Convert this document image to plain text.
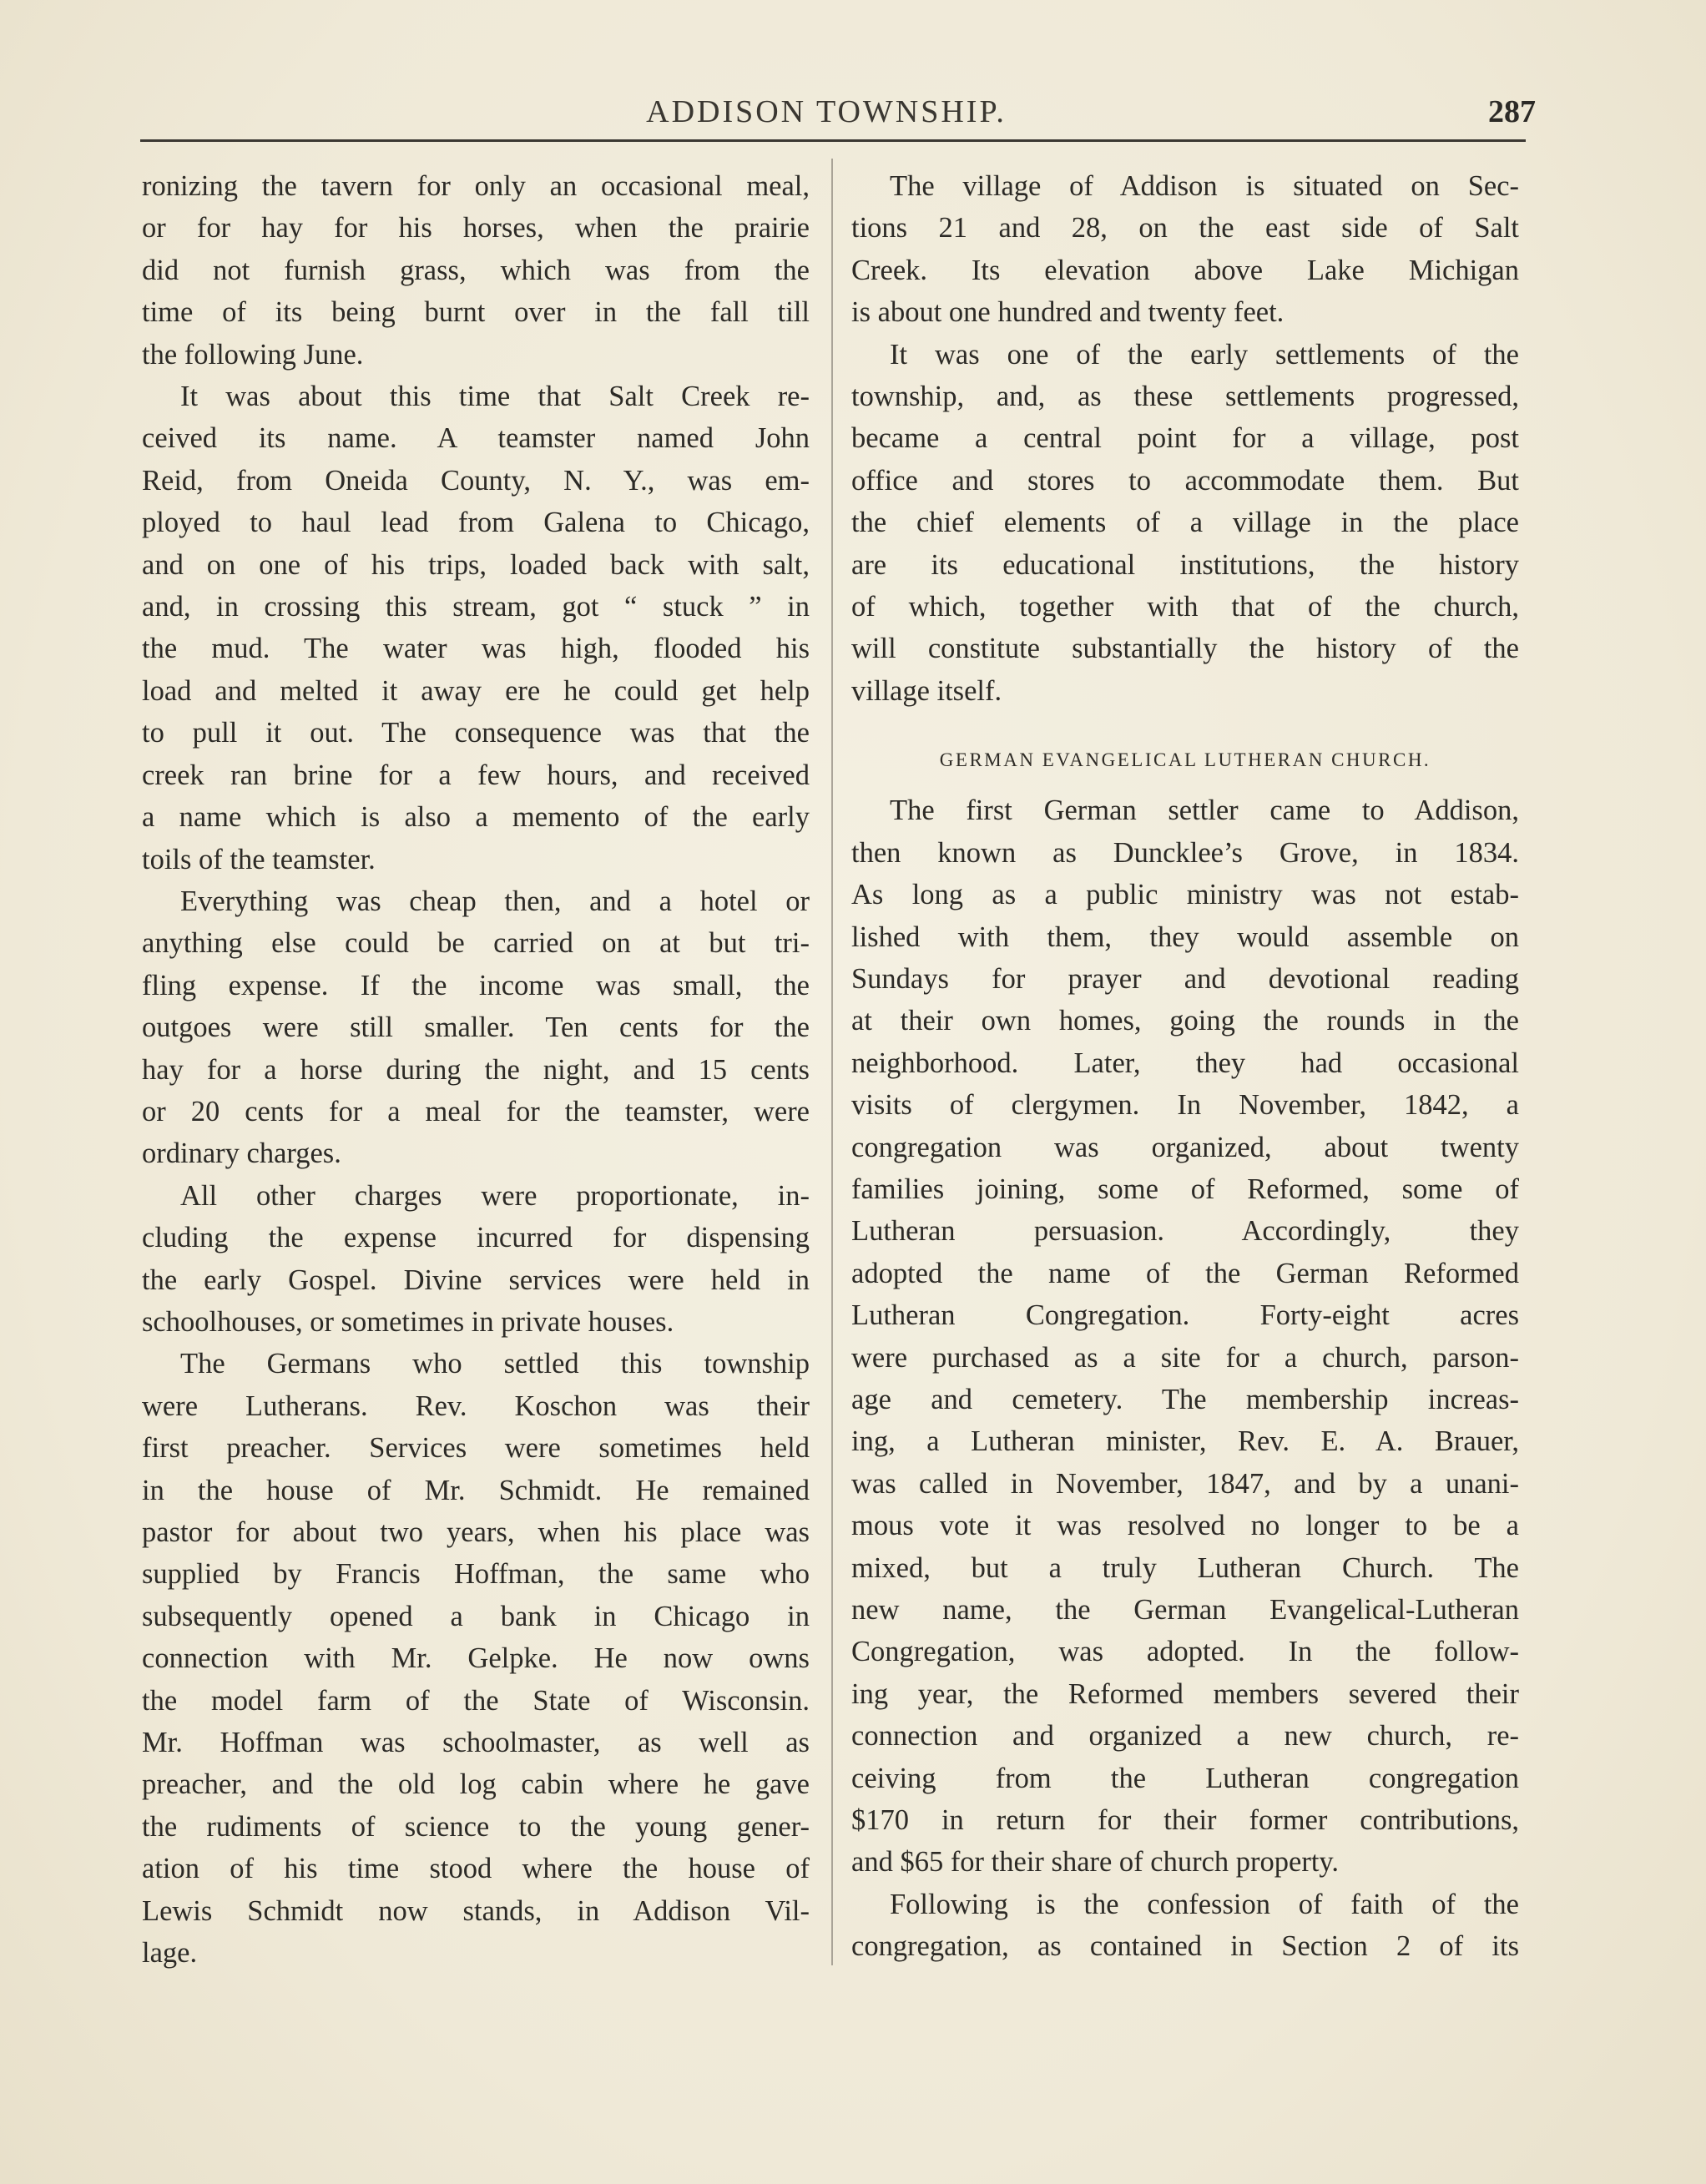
ADDISON TOWNSHIP.	287

ronizing the tavern for only an occasional meal,
or for hay for his horses, when the prairie
did not furnish grass, which was from the
time of its being burnt over in the fall till
the following June.

It was about this time that Salt Creek re-
ceived its name. A teamster named John
Reid, from Oneida County, N. Y., was em-
ployed to haul lead from Galena to Chicago,
and on one of his trips, loaded back with salt,
and, in crossing this stream, got “ stuck ” in
the mud. The water was high, flooded his
load and melted it away ere he could get help
to pull it out. The consequence was that the
creek ran brine for a few hours, and received
a name which is also a memento of the early
toils of the teamster.

Everything was cheap then, and a hotel or
anything else could be carried on at but tri-
fling expense. If the income was small, the
outgoes were still smaller. Ten cents for the
hay for a horse during the night, and 15 cents
or 20 cents for a meal for the teamster, were
ordinary charges.

All other charges were proportionate, in-
cluding the expense incurred for dispensing
the early Gospel. Divine services were held in
schoolhouses, or sometimes in private houses.

The Germans who settled this township
were Lutherans. Rev. Koschon was their
first preacher. Services were sometimes held
in the house of Mr. Schmidt. He remained
pastor for about two years, when his place was
supplied by Francis Hoffman, the same who
subsequently opened a bank in Chicago in
connection with Mr. Gelpke. He now owns
the model farm of the State of Wisconsin.
Mr. Hoffman was schoolmaster, as well as
preacher, and the old log cabin where he gave
the rudiments of science to the young gener-
ation of his time stood where the house of
Lewis Schmidt now stands, in Addison Vil-
lage.

The village of Addison is situated on Sec-
tions 21 and 28, on the east side of Salt
Creek. Its elevation above Lake Michigan
is about one hundred and twenty feet.

It was one of the early settlements of the
township, and, as these settlements progressed,
became a central point for a village, post
office and stores to accommodate them. But
the chief elements of a village in the place
are its educational institutions, the history
of which, together with that of the church,
will constitute substantially the history of the
village itself.

GERMAN EVANGELICAL LUTHERAN CHURCH.

The first German settler came to Addison,
then known as Duncklee’s Grove, in 1834.
As long as a public ministry was not estab-
lished with them, they would assemble on
Sundays for prayer and devotional reading
at their own homes, going the rounds in the
neighborhood. Later, they had occasional
visits of clergymen. In November, 1842, a
congregation was organized, about twenty
families joining, some of Reformed, some of
Lutheran persuasion. Accordingly, they
adopted the name of the German Reformed
Lutheran Congregation. Forty-eight acres
were purchased as a site for a church, parson-
age and cemetery. The membership increas-
ing, a Lutheran minister, Rev. E. A. Brauer,
was called in November, 1847, and by a unani-
mous vote it was resolved no longer to be a
mixed, but a truly Lutheran Church. The
new name, the German Evangelical-Lutheran
Congregation, was adopted. In the follow-
ing year, the Reformed members severed their
connection and organized a new church, re-
ceiving from the Lutheran congregation
$170 in return for their former contributions,
and $65 for their share of church property.

Following is the confession of faith of the
congregation, as contained in Section 2 of its
